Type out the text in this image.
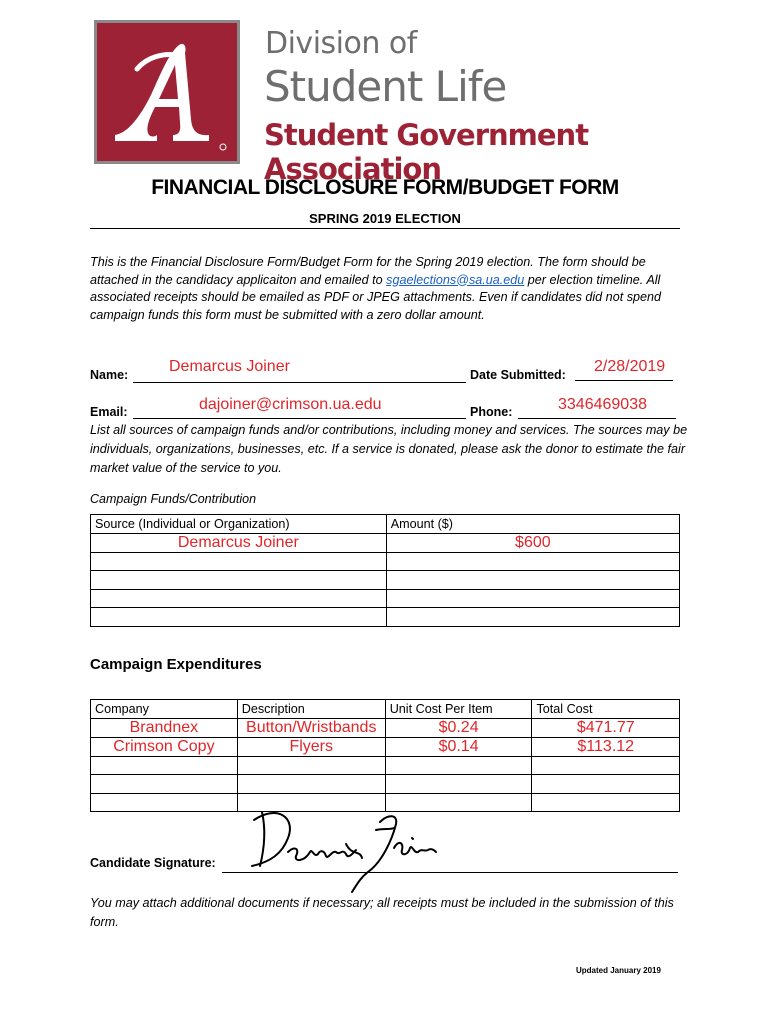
Division of
Student Life
Student Government Association
FINANCIAL DISCLOSURE FORM/BUDGET FORM
SPRING 2019 ELECTION
This is the Financial Disclosure Form/Budget Form for the Spring 2019 election. The form should be attached in the candidacy applicaiton and emailed to sgaelections@sa.ua.edu per election timeline. All associated receipts should be emailed as PDF or JPEG attachments. Even if candidates did not spend campaign funds this form must be submitted with a zero dollar amount.
Name:	Demarcus Joiner	Date Submitted: 2/28/2019
Email:	dajoiner@crimson.ua.edu	Phone:	3346469038
List all sources of campaign funds and/or contributions, including money and services. The sources may be individuals, organizations, businesses, etc. If a service is donated, please ask the donor to estimate the fair market value of the service to you.
Campaign Funds/Contribution
Source (Individual or Organization)	Amount ($)
Demarcus Joiner	$600

Campaign Expenditures
Company	Description	Unit Cost Per Item	Total Cost
Brandnex	Button/Wristbands	$0.24	$471.77
Crimson Copy	Flyers	$0.14	$113.12

Candidate Signature:
You may attach additional documents if necessary; all receipts must be included in the submission of this form.
Updated January 2019
